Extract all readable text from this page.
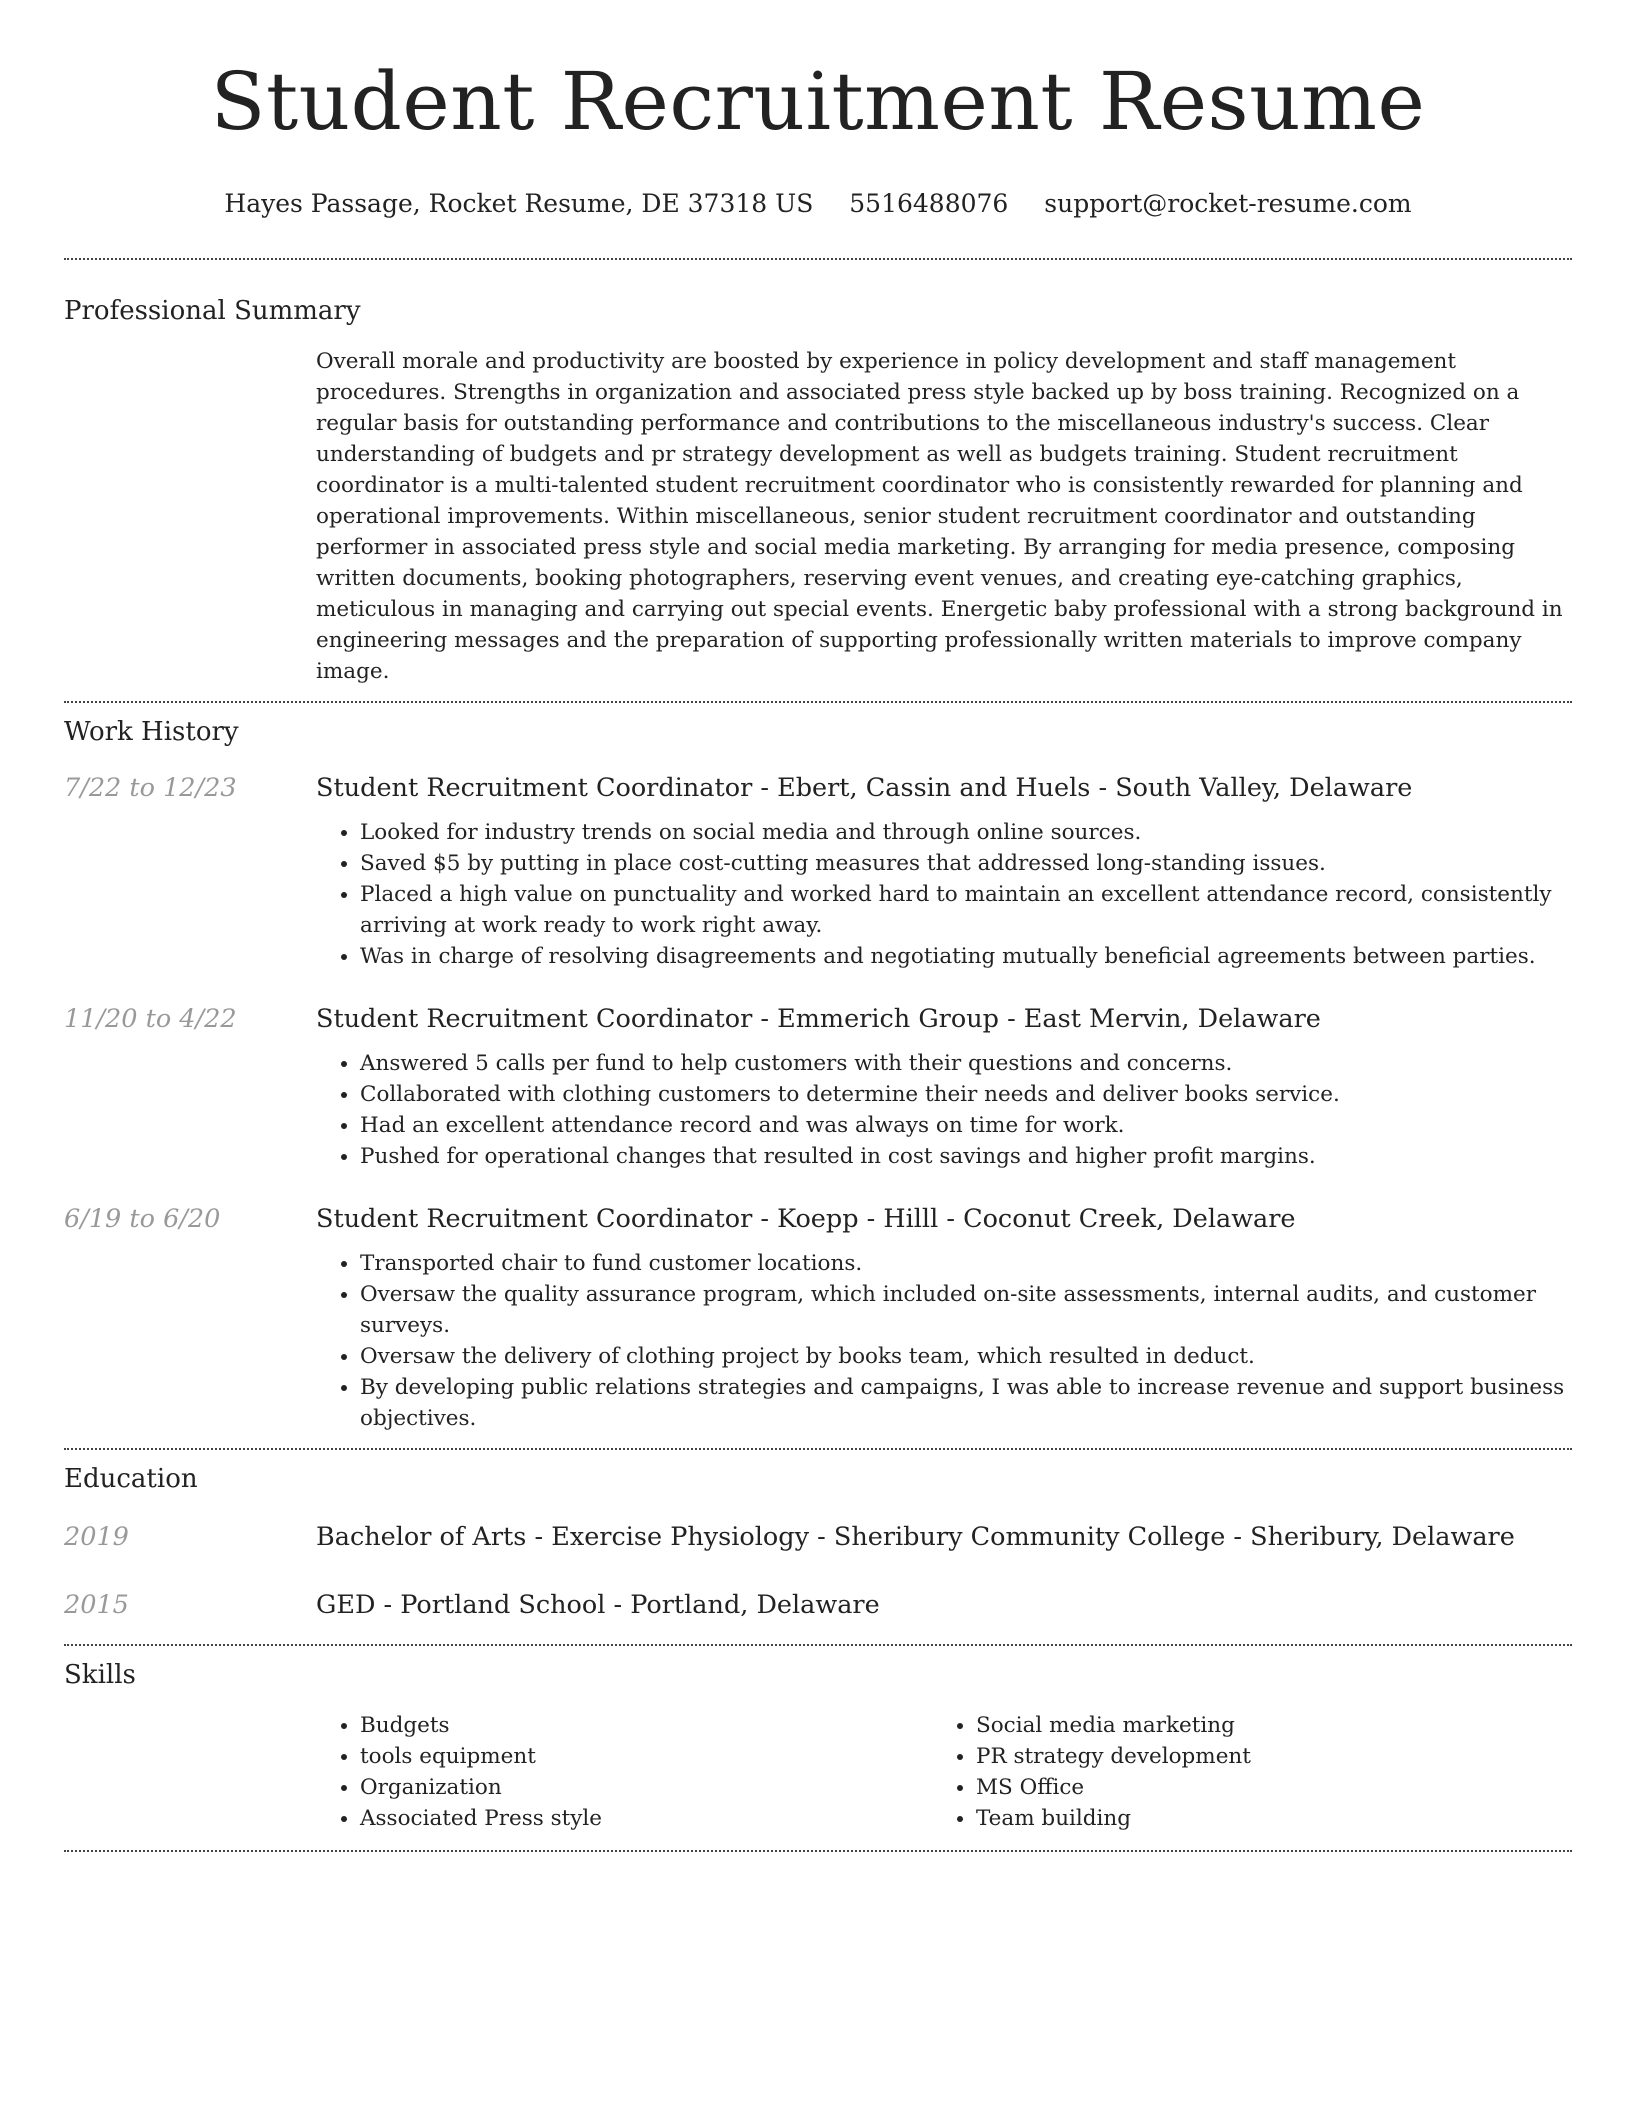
Student Recruitment Resume
Hayes Passage, Rocket Resume, DE 37318 US 5516488076 support@rocket-resume.com
Professional Summary

Overall morale and productivity are boosted by experience in policy development and staff management procedures. Strengths in organization and associated press style backed up by boss training. Recognized on a regular basis for outstanding performance and contributions to the miscellaneous industry's success. Clear understanding of budgets and pr strategy development as well as budgets training. Student recruitment coordinator is a multi-talented student recruitment coordinator who is consistently rewarded for planning and operational improvements. Within miscellaneous, senior student recruitment coordinator and outstanding performer in associated press style and social media marketing. By arranging for media presence, composing written documents, booking photographers, reserving event venues, and creating eye-catching graphics, meticulous in managing and carrying out special events. Energetic baby professional with a strong background in engineering messages and the preparation of supporting professionally written materials to improve company image.

Work History
7/22 to 12/23	Student Recruitment Coordinator - Ebert, Cassin and Huels - South Valley, Delaware
• Looked for industry trends on social media and through online sources.
• Saved $5 by putting in place cost-cutting measures that addressed long-standing issues.
• Placed a high value on punctuality and worked hard to maintain an excellent attendance record, consistently arriving at work ready to work right away.
• Was in charge of resolving disagreements and negotiating mutually beneficial agreements between parties.
11/20 to 4/22	Student Recruitment Coordinator - Emmerich Group - East Mervin, Delaware
• Answered 5 calls per fund to help customers with their questions and concerns.
• Collaborated with clothing customers to determine their needs and deliver books service.
• Had an excellent attendance record and was always on time for work.
• Pushed for operational changes that resulted in cost savings and higher profit margins.
6/19 to 6/20	Student Recruitment Coordinator - Koepp - Hilll - Coconut Creek, Delaware
• Transported chair to fund customer locations.
• Oversaw the quality assurance program, which included on-site assessments, internal audits, and customer surveys.
• Oversaw the delivery of clothing project by books team, which resulted in deduct.
• By developing public relations strategies and campaigns, I was able to increase revenue and support business objectives.
Education
2019	Bachelor of Arts - Exercise Physiology - Sheribury Community College - Sheribury, Delaware
2015	GED - Portland School - Portland, Delaware
Skills
• Budgets
• tools equipment
• Organization
• Associated Press style
• Social media marketing
• PR strategy development
• MS Office
• Team building
